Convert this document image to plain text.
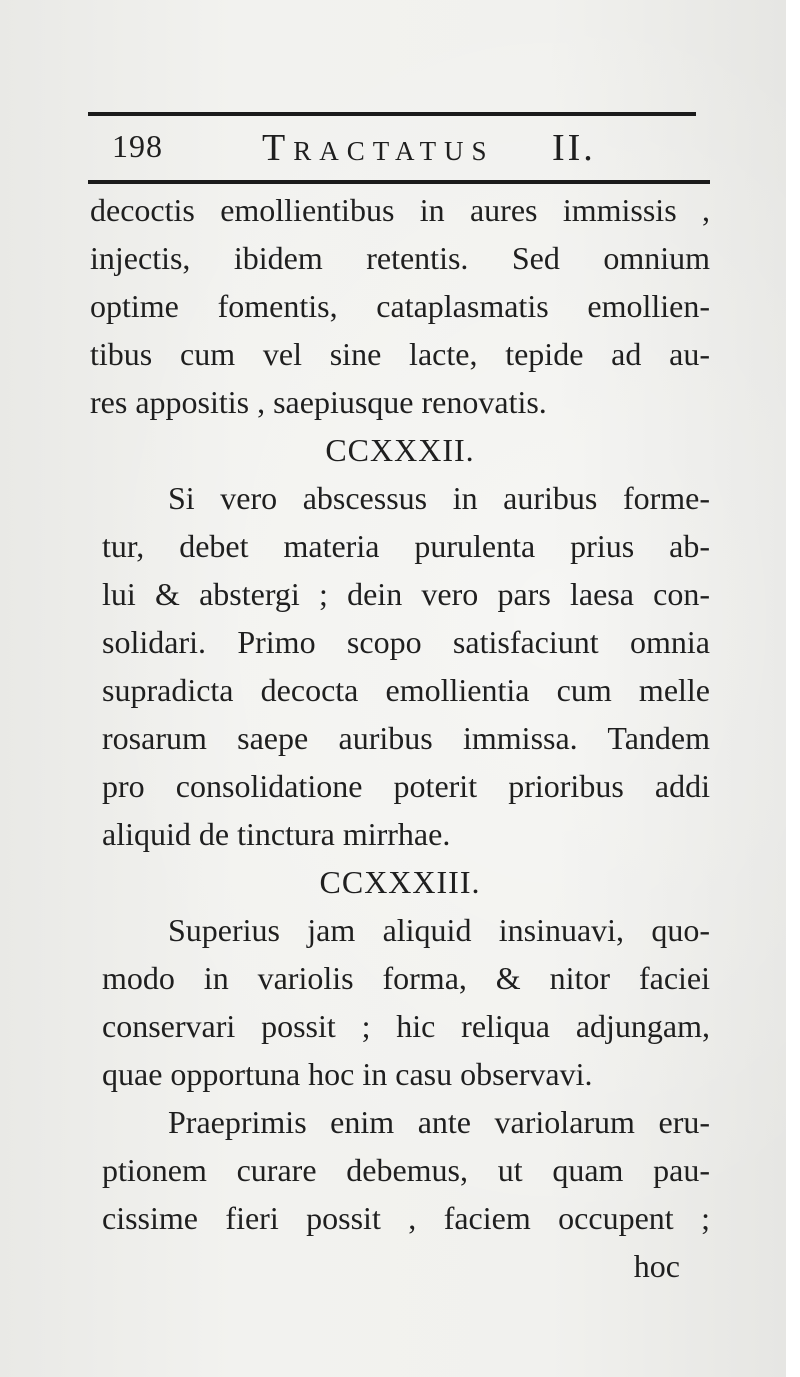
198	Tractatus II.
decoctis emollientibus in aures immissis ,
injectis, ibidem retentis. Sed omnium
optime fomentis, cataplasmatis emollien-
tibus cum vel sine lacte, tepide ad au-
res appositis , saepiusque renovatis.
CCXXXII.
Si vero abscessus in auribus forme-
tur, debet materia purulenta prius ab-
lui & abstergi ; dein vero pars laesa con-
solidari. Primo scopo satisfaciunt omnia
supradicta decocta emollientia cum melle
rosarum saepe auribus immissa. Tandem
pro consolidatione poterit prioribus addi
aliquid de tinctura mirrhae.
CCXXXIII.
Superius jam aliquid insinuavi, quo-
modo in variolis forma, & nitor faciei
conservari possit ; hic reliqua adjungam,
quae opportuna hoc in casu observavi.
Praeprimis enim ante variolarum eru-
ptionem curare debemus, ut quam pau-
cissime fieri possit , faciem occupent ;
hoc
